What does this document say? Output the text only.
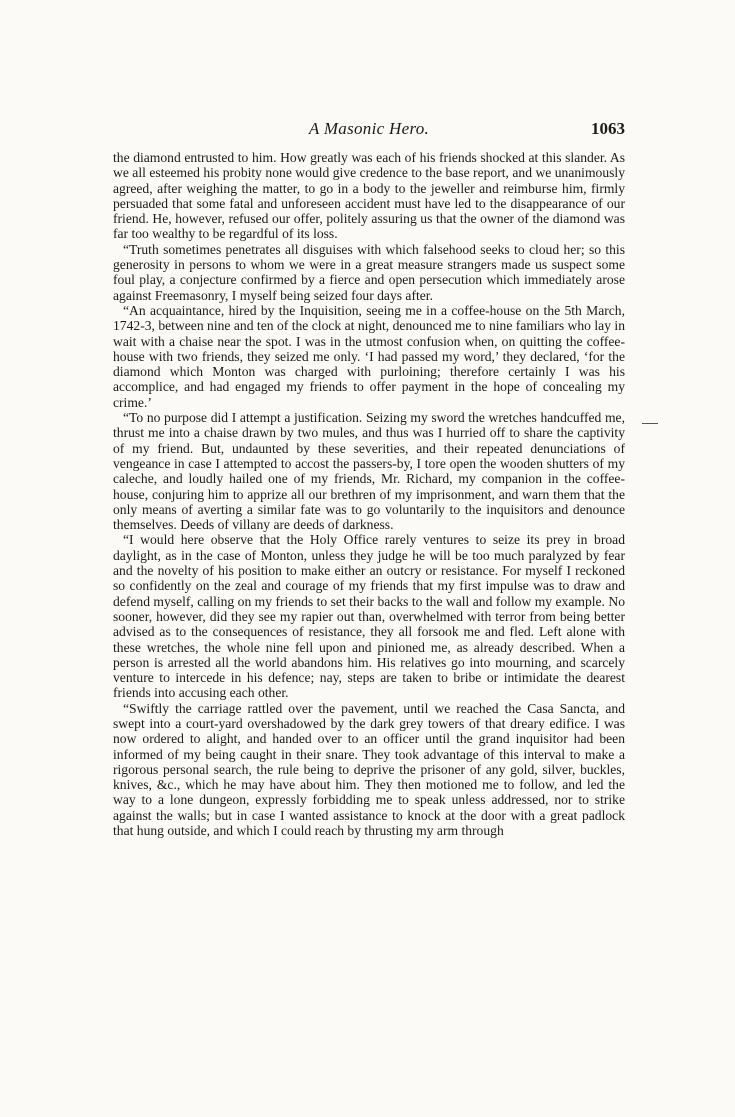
A Masonic Hero.	1063

the diamond entrusted to him. How greatly was each of his friends shocked at this slander. As we all esteemed his probity none would give credence to the base report, and we unanimously agreed, after weighing the matter, to go in a body to the jeweller and reimburse him, firmly persuaded that some fatal and unforeseen accident must have led to the disappearance of our friend. He, however, refused our offer, politely assuring us that the owner of the diamond was far too wealthy to be regardful of its loss.

“Truth sometimes penetrates all disguises with which falsehood seeks to cloud her; so this generosity in persons to whom we were in a great measure strangers made us suspect some foul play, a conjecture confirmed by a fierce and open persecution which immediately arose against Freemasonry, I myself being seized four days after.

“An acquaintance, hired by the Inquisition, seeing me in a coffee-house on the 5th March, 1742-3, between nine and ten of the clock at night, denounced me to nine familiars who lay in wait with a chaise near the spot. I was in the utmost confusion when, on quitting the coffee-house with two friends, they seized me only. ‘I had passed my word,’ they declared, ‘for the diamond which Monton was charged with purloining; therefore certainly I was his accomplice, and had engaged my friends to offer payment in the hope of concealing my crime.’

“To no purpose did I attempt a justification. Seizing my sword the wretches handcuffed me, thrust me into a chaise drawn by two mules, and thus was I hurried off to share the captivity of my friend. But, undaunted by these severities, and their repeated denunciations of vengeance in case I attempted to accost the passers-by, I tore open the wooden shutters of my caleche, and loudly hailed one of my friends, Mr. Richard, my companion in the coffee-house, conjuring him to apprize all our brethren of my imprisonment, and warn them that the only means of averting a similar fate was to go voluntarily to the inquisitors and denounce themselves. Deeds of villany are deeds of darkness.

“I would here observe that the Holy Office rarely ventures to seize its prey in broad daylight, as in the case of Monton, unless they judge he will be too much paralyzed by fear and the novelty of his position to make either an outcry or resistance. For myself I reckoned so confidently on the zeal and courage of my friends that my first impulse was to draw and defend myself, calling on my friends to set their backs to the wall and follow my example. No sooner, however, did they see my rapier out than, overwhelmed with terror from being better advised as to the consequences of resistance, they all forsook me and fled. Left alone with these wretches, the whole nine fell upon and pinioned me, as already described. When a person is arrested all the world abandons him. His relatives go into mourning, and scarcely venture to intercede in his defence; nay, steps are taken to bribe or intimidate the dearest friends into accusing each other.

“Swiftly the carriage rattled over the pavement, until we reached the Casa Sancta, and swept into a court-yard overshadowed by the dark grey towers of that dreary edifice. I was now ordered to alight, and handed over to an officer until the grand inquisitor had been informed of my being caught in their snare. They took advantage of this interval to make a rigorous personal search, the rule being to deprive the prisoner of any gold, silver, buckles, knives, &c., which he may have about him. They then motioned me to follow, and led the way to a lone dungeon, expressly forbidding me to speak unless addressed, nor to strike against the walls; but in case I wanted assistance to knock at the door with a great padlock that hung outside, and which I could reach by thrusting my arm through
